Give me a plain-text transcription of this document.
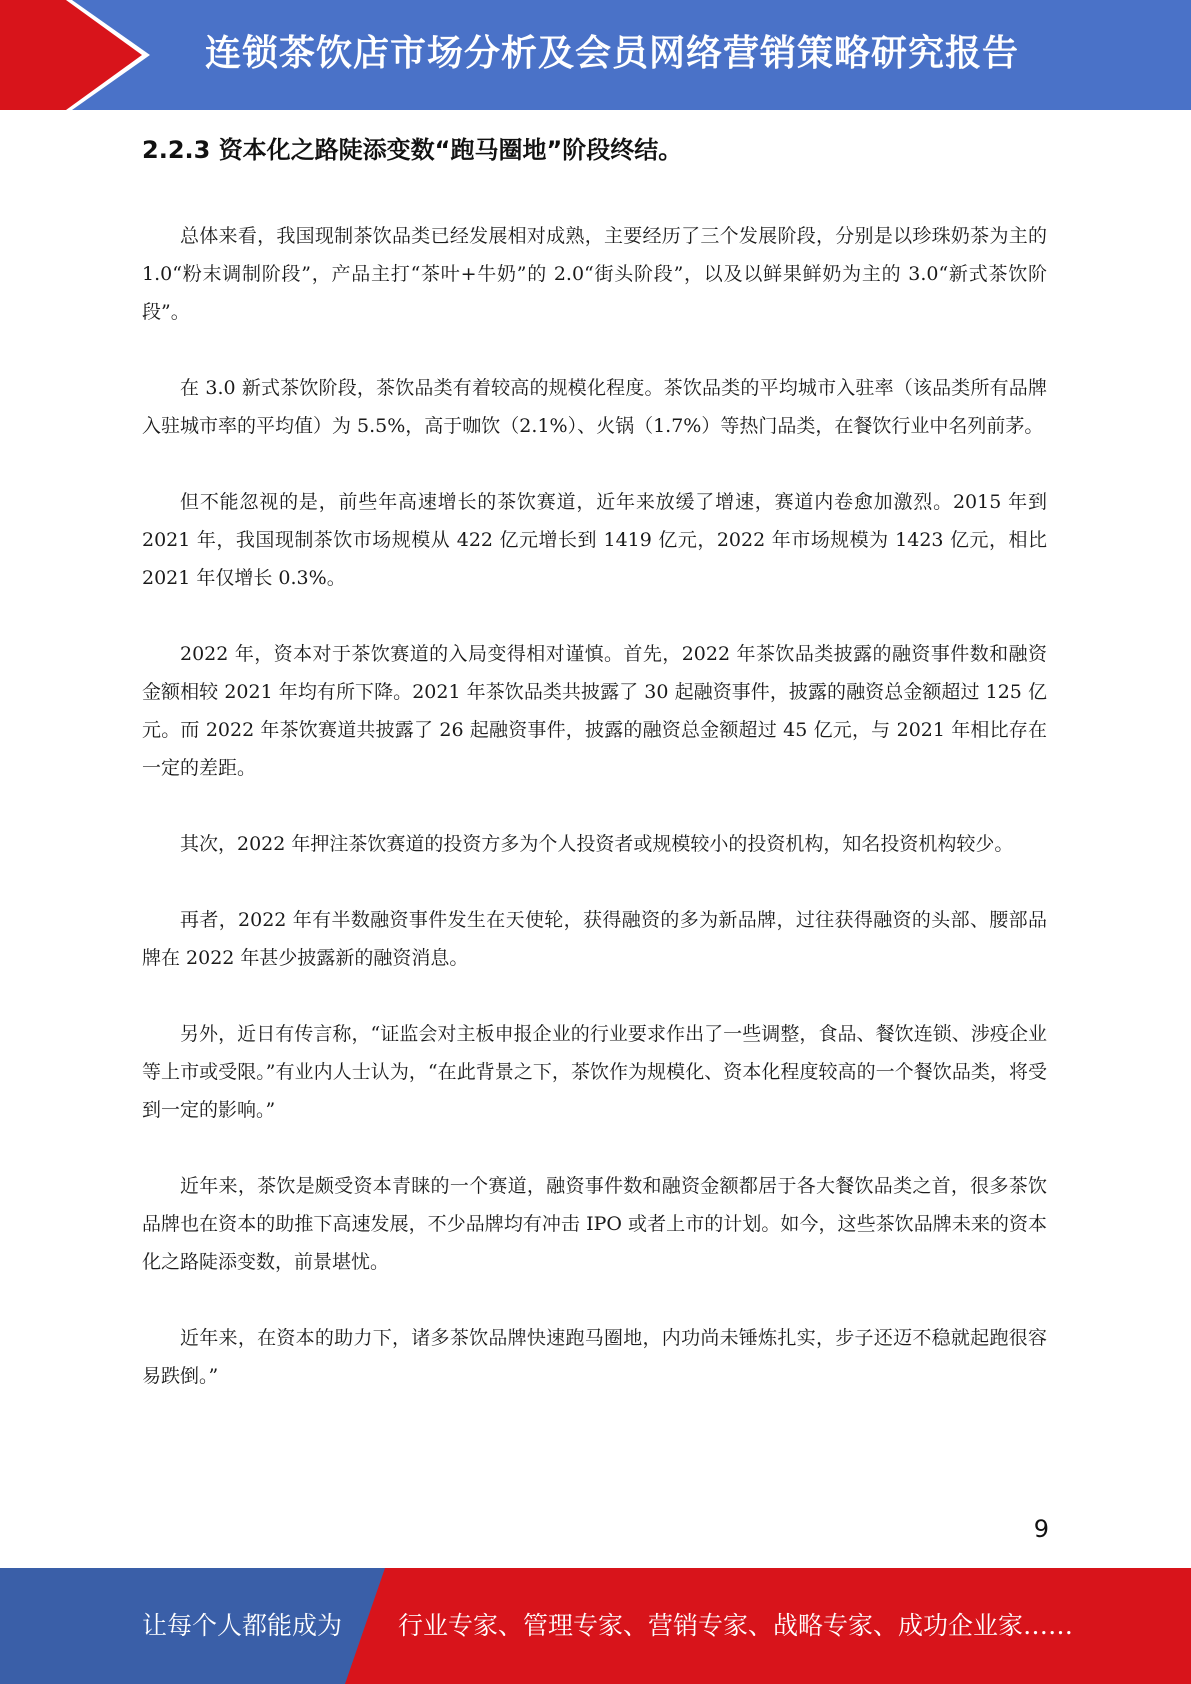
连锁茶饮店市场分析及会员网络营销策略研究报告
2.2.3 资本化之路陡添变数“跑马圈地”阶段终结。

总体来看，我国现制茶饮品类已经发展相对成熟，主要经历了三个发展阶段，分别是以珍珠奶茶为主的 1.0“粉末调制阶段”，产品主打“茶叶+牛奶”的 2.0“街头阶段”，以及以鲜果鲜奶为主的 3.0“新式茶饮阶段”。

在 3.0 新式茶饮阶段，茶饮品类有着较高的规模化程度。茶饮品类的平均城市入驻率（该品类所有品牌入驻城市率的平均值）为 5.5%，高于咖饮（2.1%）、火锅（1.7%）等热门品类，在餐饮行业中名列前茅。

但不能忽视的是，前些年高速增长的茶饮赛道，近年来放缓了增速，赛道内卷愈加激烈。2015 年到 2021 年，我国现制茶饮市场规模从 422 亿元增长到 1419 亿元，2022 年市场规模为 1423 亿元，相比 2021 年仅增长 0.3%。

2022 年，资本对于茶饮赛道的入局变得相对谨慎。首先，2022 年茶饮品类披露的融资事件数和融资金额相较 2021 年均有所下降。2021 年茶饮品类共披露了 30 起融资事件，披露的融资总金额超过 125 亿元。而 2022 年茶饮赛道共披露了 26 起融资事件，披露的融资总金额超过 45 亿元，与 2021 年相比存在一定的差距。

其次，2022 年押注茶饮赛道的投资方多为个人投资者或规模较小的投资机构，知名投资机构较少。

再者，2022 年有半数融资事件发生在天使轮，获得融资的多为新品牌，过往获得融资的头部、腰部品牌在 2022 年甚少披露新的融资消息。

另外，近日有传言称，“证监会对主板申报企业的行业要求作出了一些调整，食品、餐饮连锁、涉疫企业等上市或受限。”有业内人士认为，“在此背景之下，茶饮作为规模化、资本化程度较高的一个餐饮品类，将受到一定的影响。”

近年来，茶饮是颇受资本青睐的一个赛道，融资事件数和融资金额都居于各大餐饮品类之首，很多茶饮品牌也在资本的助推下高速发展，不少品牌均有冲击 IPO 或者上市的计划。如今，这些茶饮品牌未来的资本化之路陡添变数，前景堪忧。

近年来，在资本的助力下，诸多茶饮品牌快速跑马圈地，内功尚未锤炼扎实，步子还迈不稳就起跑很容易跌倒。”

9
让每个人都能成为 行业专家、管理专家、营销专家、战略专家、成功企业家……
